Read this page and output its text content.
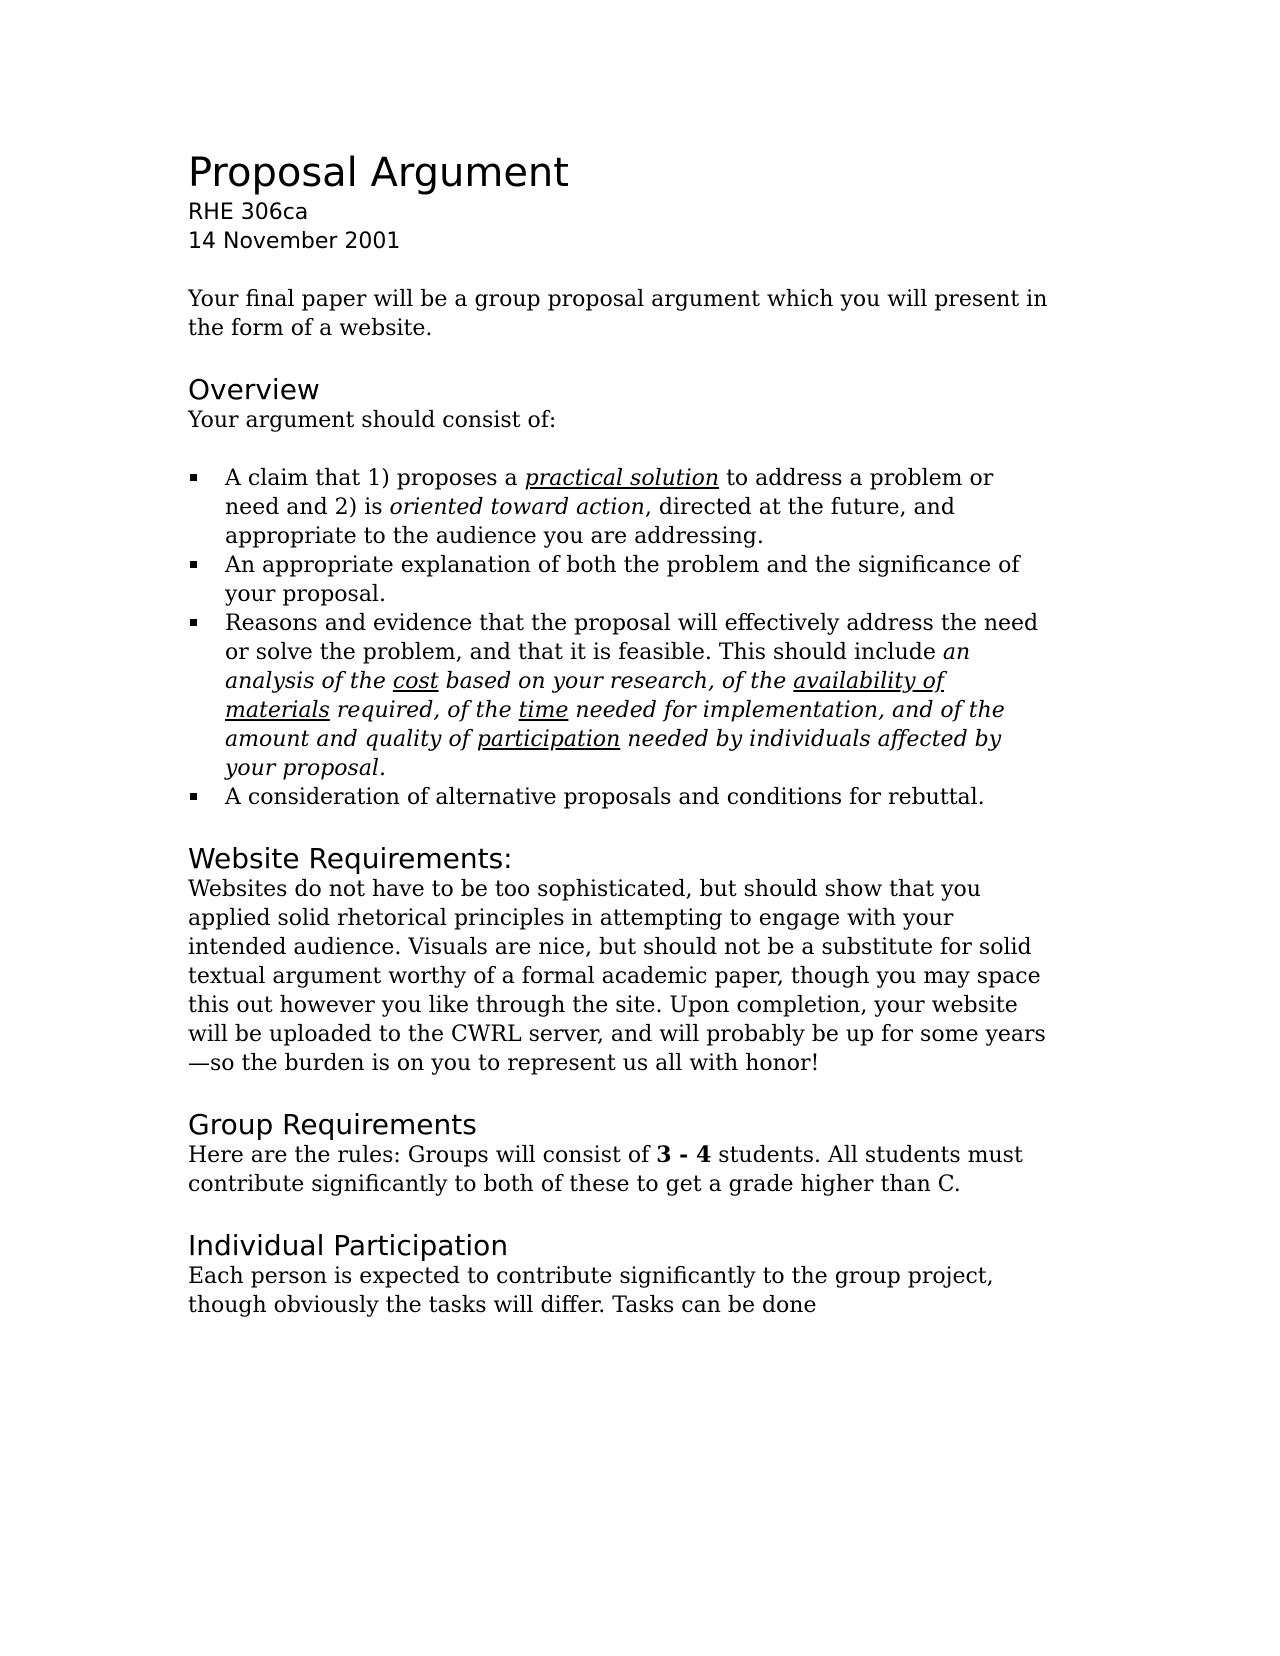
Proposal Argument
RHE 306ca
14 November 2001

Your final paper will be a group proposal argument which you will present in the form of a website.

Overview

Your argument should consist of:

A claim that 1) proposes a practical solution to address a problem or need and 2) is oriented toward action, directed at the future, and appropriate to the audience you are addressing.
An appropriate explanation of both the problem and the significance of your proposal.
Reasons and evidence that the proposal will effectively address the need or solve the problem, and that it is feasible. This should include an analysis of the cost based on your research, of the availability of materials required, of the time needed for implementation, and of the amount and quality of participation needed by individuals affected by your proposal.
A consideration of alternative proposals and conditions for rebuttal.
Website Requirements:

Websites do not have to be too sophisticated, but should show that you applied solid rhetorical principles in attempting to engage with your intended audience. Visuals are nice, but should not be a substitute for solid textual argument worthy of a formal academic paper, though you may space this out however you like through the site. Upon completion, your website will be uploaded to the CWRL server, and will probably be up for some years—so the burden is on you to represent us all with honor!

Group Requirements

Here are the rules: Groups will consist of 3 - 4 students. All students must contribute significantly to both of these to get a grade higher than C.

Individual Participation

Each person is expected to contribute significantly to the group project, though obviously the tasks will differ. Tasks can be done
